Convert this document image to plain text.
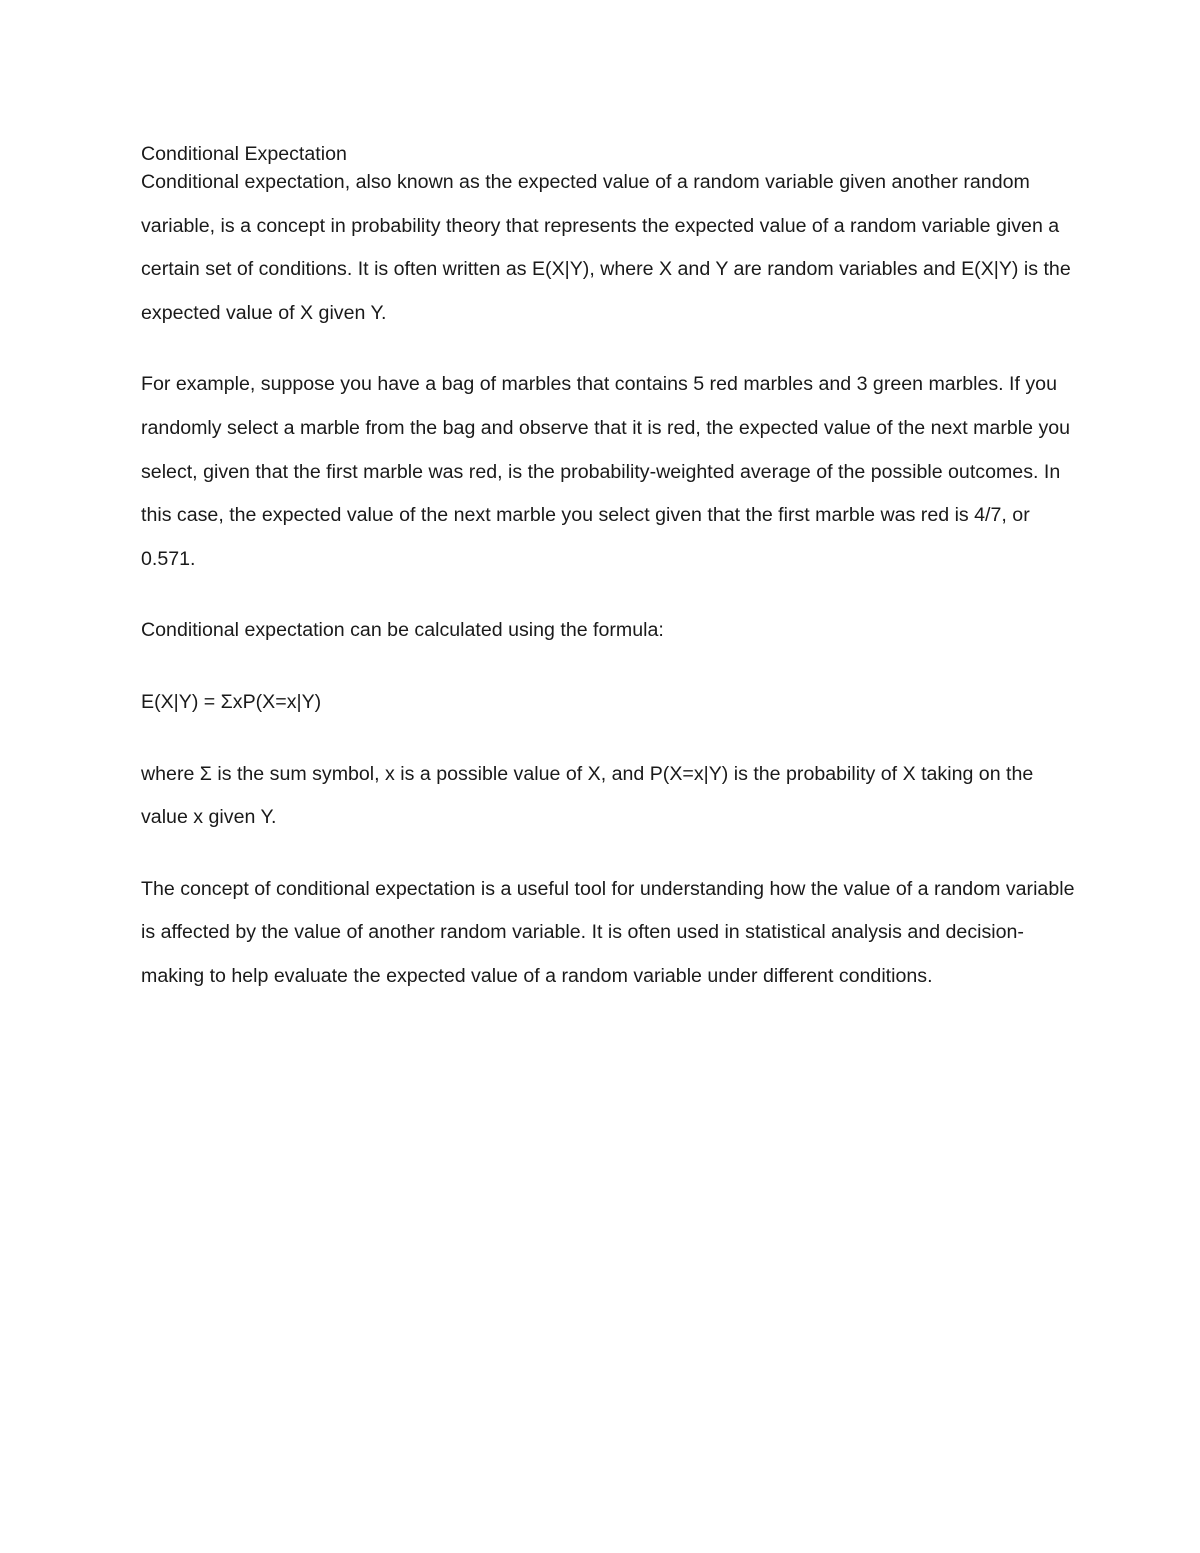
Conditional Expectation

Conditional expectation, also known as the expected value of a random variable given another random variable, is a concept in probability theory that represents the expected value of a random variable given a certain set of conditions. It is often written as E(X|Y), where X and Y are random variables and E(X|Y) is the expected value of X given Y.

For example, suppose you have a bag of marbles that contains 5 red marbles and 3 green marbles. If you randomly select a marble from the bag and observe that it is red, the expected value of the next marble you select, given that the first marble was red, is the probability-weighted average of the possible outcomes. In this case, the expected value of the next marble you select given that the first marble was red is 4/7, or 0.571.

Conditional expectation can be calculated using the formula:

E(X|Y) = ΣxP(X=x|Y)

where Σ is the sum symbol, x is a possible value of X, and P(X=x|Y) is the probability of X taking on the value x given Y.

The concept of conditional expectation is a useful tool for understanding how the value of a random variable is affected by the value of another random variable. It is often used in statistical analysis and decision-making to help evaluate the expected value of a random variable under different conditions.
